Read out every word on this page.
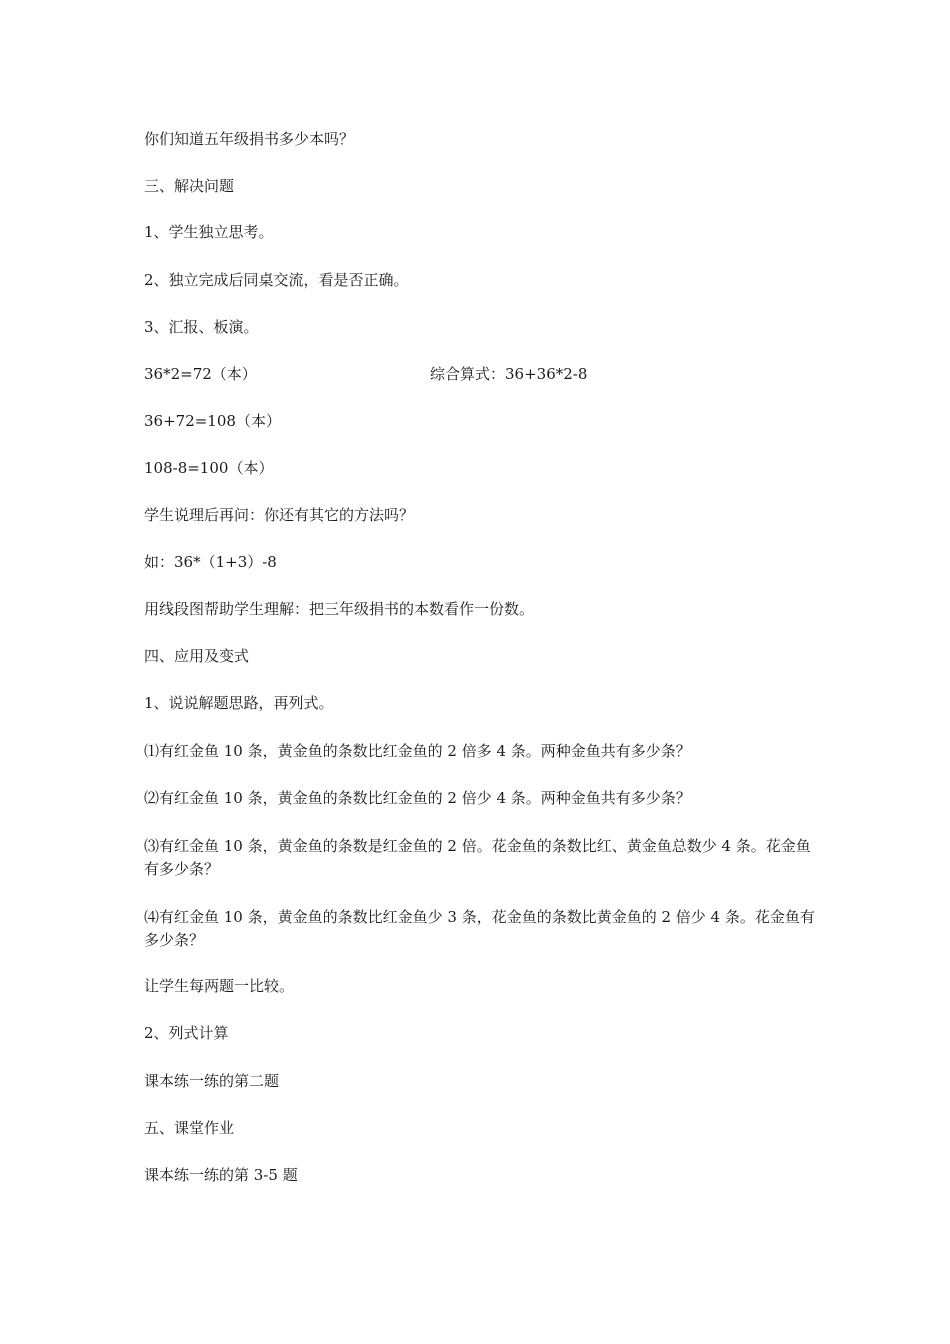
你们知道五年级捐书多少本吗？
三、解决问题
1、学生独立思考。
2、独立完成后同桌交流，看是否正确。
3、汇报、板演。
36*2=72（本）	综合算式：36+36*2-8
36+72=108（本）
108-8=100（本）
学生说理后再问：你还有其它的方法吗？
如：36*（1+3）-8
用线段图帮助学生理解：把三年级捐书的本数看作一份数。
四、应用及变式
1、说说解题思路，再列式。
⑴有红金鱼 10 条，黄金鱼的条数比红金鱼的 2 倍多 4 条。两种金鱼共有多少条？
⑵有红金鱼 10 条，黄金鱼的条数比红金鱼的 2 倍少 4 条。两种金鱼共有多少条？
⑶有红金鱼 10 条，黄金鱼的条数是红金鱼的 2 倍。花金鱼的条数比红、黄金鱼总数少 4 条。花金鱼有多少条？
⑷有红金鱼 10 条，黄金鱼的条数比红金鱼少 3 条，花金鱼的条数比黄金鱼的 2 倍少 4 条。花金鱼有多少条？
让学生每两题一比较。
2、列式计算
课本练一练的第二题
五、课堂作业
课本练一练的第 3-5 题
